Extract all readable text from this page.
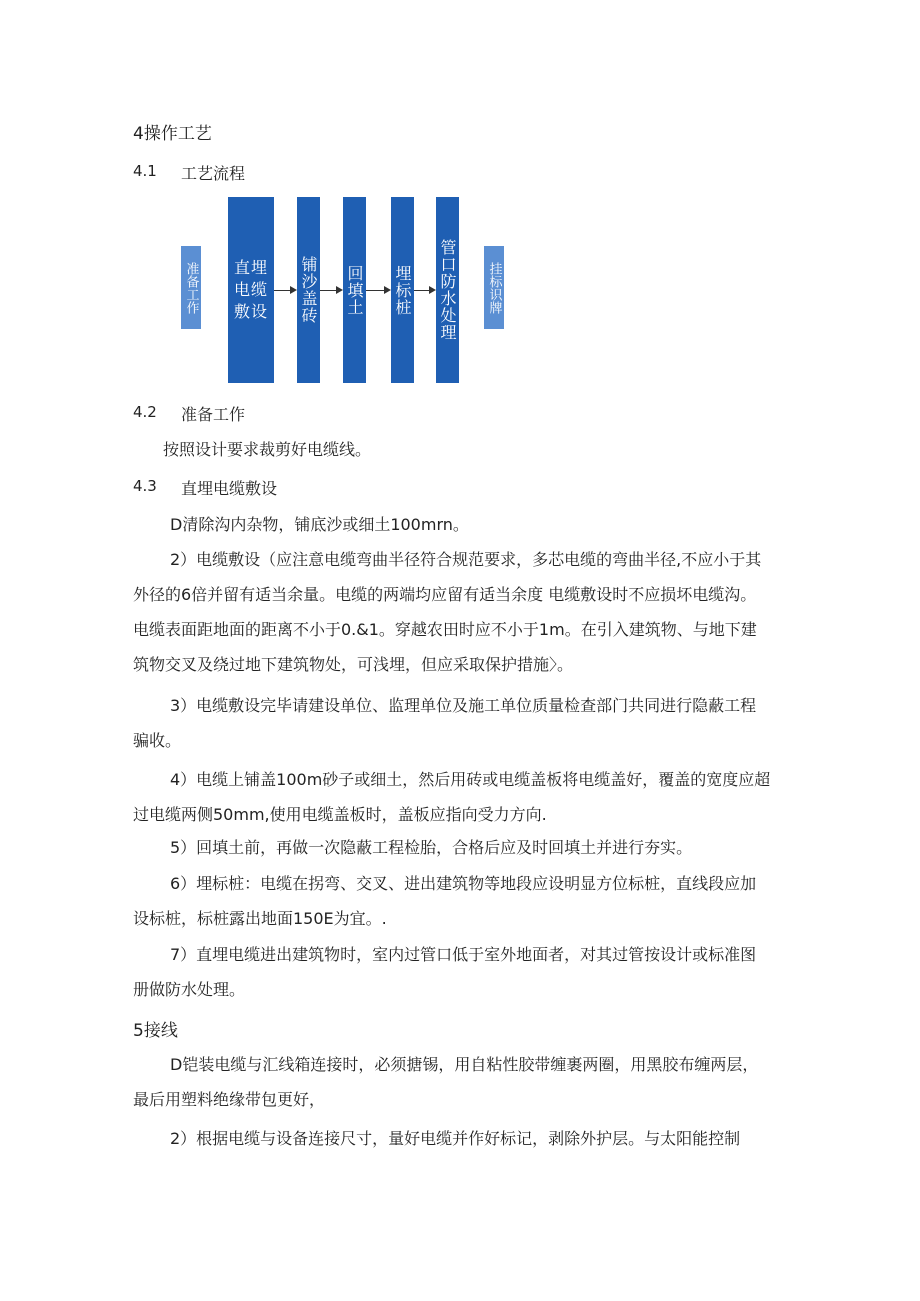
4操作工艺
4.1 工艺流程
准备工作 直埋电缆敷设 铺沙盖砖 回填土 埋标桩 管口防水处理 挂标识牌
4.2 准备工作
按照设计要求裁剪好电缆线。
4.3 直埋电缆敷设
D清除沟内杂物，铺底沙或细土100mrn。
2）电缆敷设（应注意电缆弯曲半径符合规范要求，多芯电缆的弯曲半径,不应小于其
外径的6倍并留有适当余量。电缆的两端均应留有适当余度 电缆敷设时不应损坏电缆沟。
电缆表面距地面的距离不小于0.&1。穿越农田时应不小于1m。在引入建筑物、与地下建
筑物交叉及绕过地下建筑物处，可浅埋，但应采取保护措施〉。
3）电缆敷设完毕请建设单位、监理单位及施工单位质量检查部门共同进行隐蔽工程
骗收。
4）电缆上铺盖100m砂子或细土，然后用砖或电缆盖板将电缆盖好，覆盖的宽度应超
过电缆两侧50mm,使用电缆盖板时，盖板应指向受力方向.
5）回填土前，再做一次隐蔽工程检胎，合格后应及时回填土并进行夯实。
6）埋标桩：电缆在拐弯、交叉、进出建筑物等地段应设明显方位标桩，直线段应加
设标桩，标桩露出地面150E为宜。.
7）直埋电缆进出建筑物时，室内过管口低于室外地面者，对其过管按设计或标准图
册做防水处理。
5接线
D铠装电缆与汇线箱连接时，必须搪锡，用自粘性胶带缠裹两圈，用黑胶布缠两层，
最后用塑料绝缘带包更好，
2）根据电缆与设备连接尺寸，量好电缆并作好标记，剥除外护层。与太阳能控制
